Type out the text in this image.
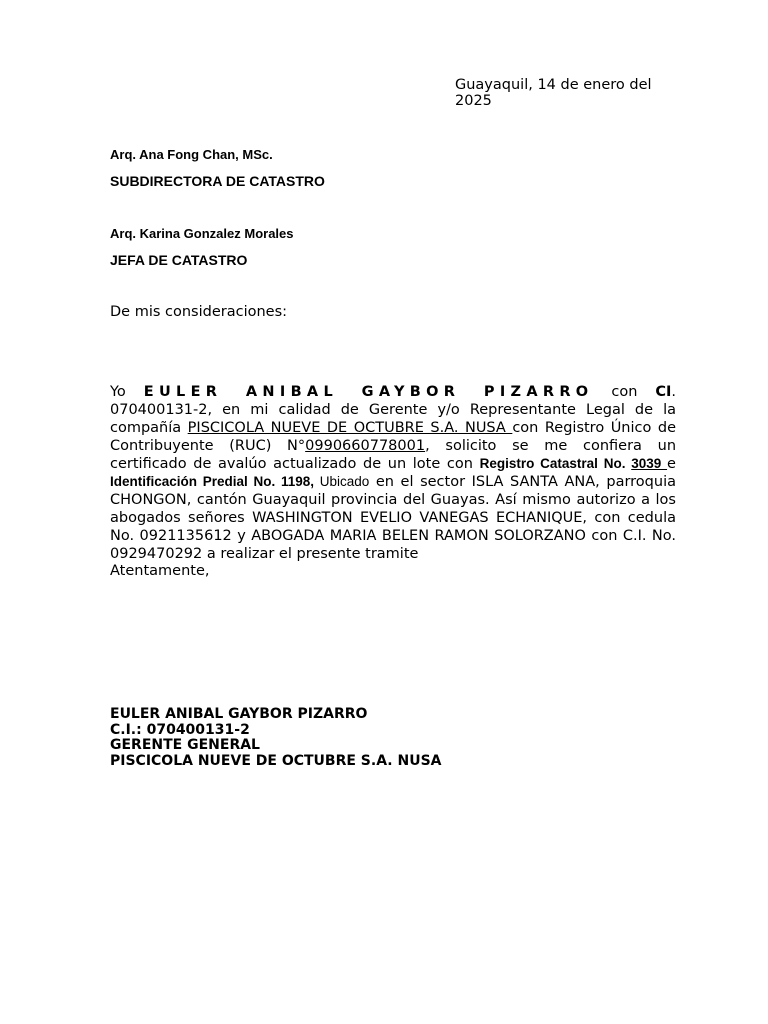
Guayaquil, 14 de enero del 2025
Arq. Ana Fong Chan, MSc.
SUBDIRECTORA DE CATASTRO
Arq. Karina Gonzalez Morales
JEFA DE CATASTRO
De mis consideraciones:

Yo EULER ANIBAL GAYBOR PIZARRO con CI. 070400131-2, en mi calidad de Gerente y/o Representante Legal de la compañía PISCICOLA NUEVE DE OCTUBRE S.A. NUSA con Registro Único de Contribuyente (RUC) N°0990660778001, solicito se me confiera un certificado de avalúo actualizado de un lote con Registro Catastral No. 3039 e Identificación Predial No. 1198, Ubicado en el sector ISLA SANTA ANA, parroquia CHONGON, cantón Guayaquil provincia del Guayas. Así mismo autorizo a los abogados señores WASHINGTON EVELIO VANEGAS ECHANIQUE, con cedula No. 0921135612 y ABOGADA MARIA BELEN RAMON SOLORZANO con C.I. No. 0929470292 a realizar el presente tramite

Atentamente,
EULER ANIBAL GAYBOR PIZARRO
C.I.: 070400131-2
GERENTE GENERAL
PISCICOLA NUEVE DE OCTUBRE S.A. NUSA
